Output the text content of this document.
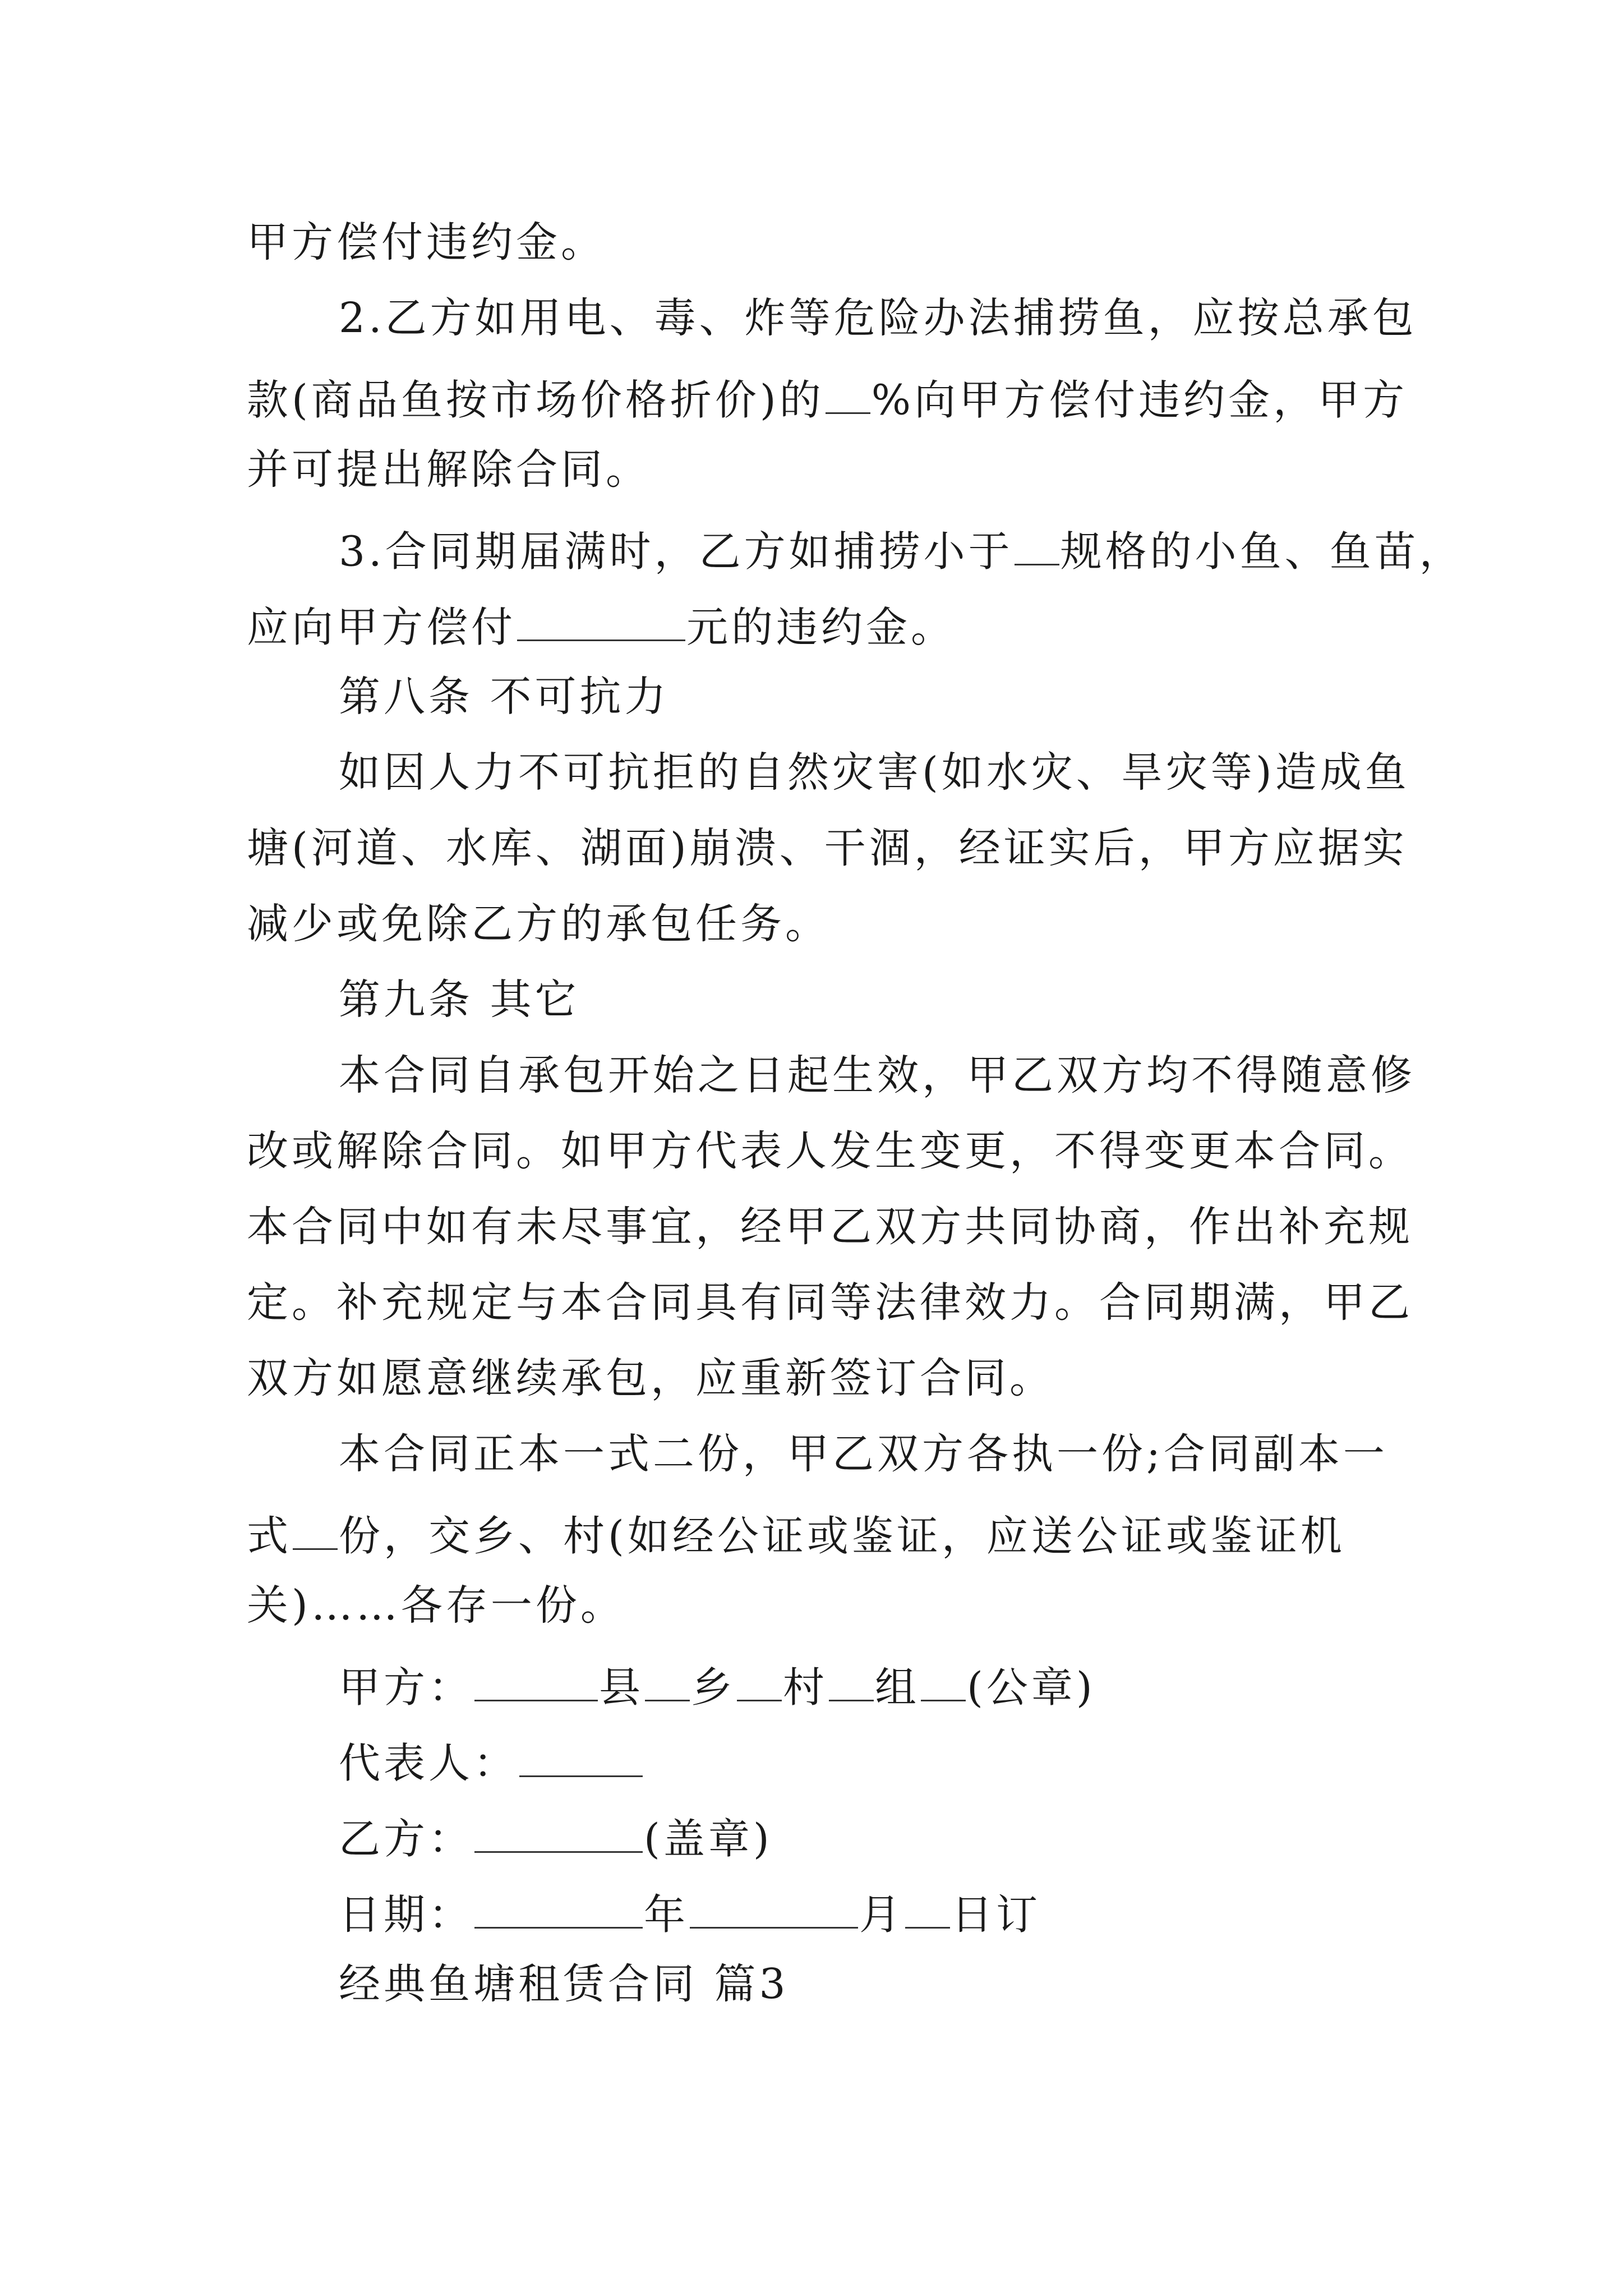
甲方偿付违约金。
2.乙方如用电、毒、炸等危险办法捕捞鱼，应按总承包
款(商品鱼按市场价格折价)的 %向甲方偿付违约金，甲方
并可提出解除合同。
3.合同期届满时，乙方如捕捞小于 规格的小鱼、鱼苗，
应向甲方偿付	元的违约金。
第八条 不可抗力
如因人力不可抗拒的自然灾害(如水灾、旱灾等)造成鱼
塘(河道、水库、湖面)崩溃、干涸，经证实后，甲方应据实
减少或免除乙方的承包任务。
第九条 其它
本合同自承包开始之日起生效，甲乙双方均不得随意修
改或解除合同。如甲方代表人发生变更，不得变更本合同。
本合同中如有未尽事宜，经甲乙双方共同协商，作出补充规
定。补充规定与本合同具有同等法律效力。合同期满，甲乙
双方如愿意继续承包，应重新签订合同。
本合同正本一式二份，甲乙双方各执一份;合同副本一
式 份，交乡、村(如经公证或鉴证，应送公证或鉴证机
关)……各存一份。
甲方：	县 乡 村 组 (公章)
代表人：
乙方：	(盖章)
日期：	年	月 日订
经典鱼塘租赁合同 篇3
